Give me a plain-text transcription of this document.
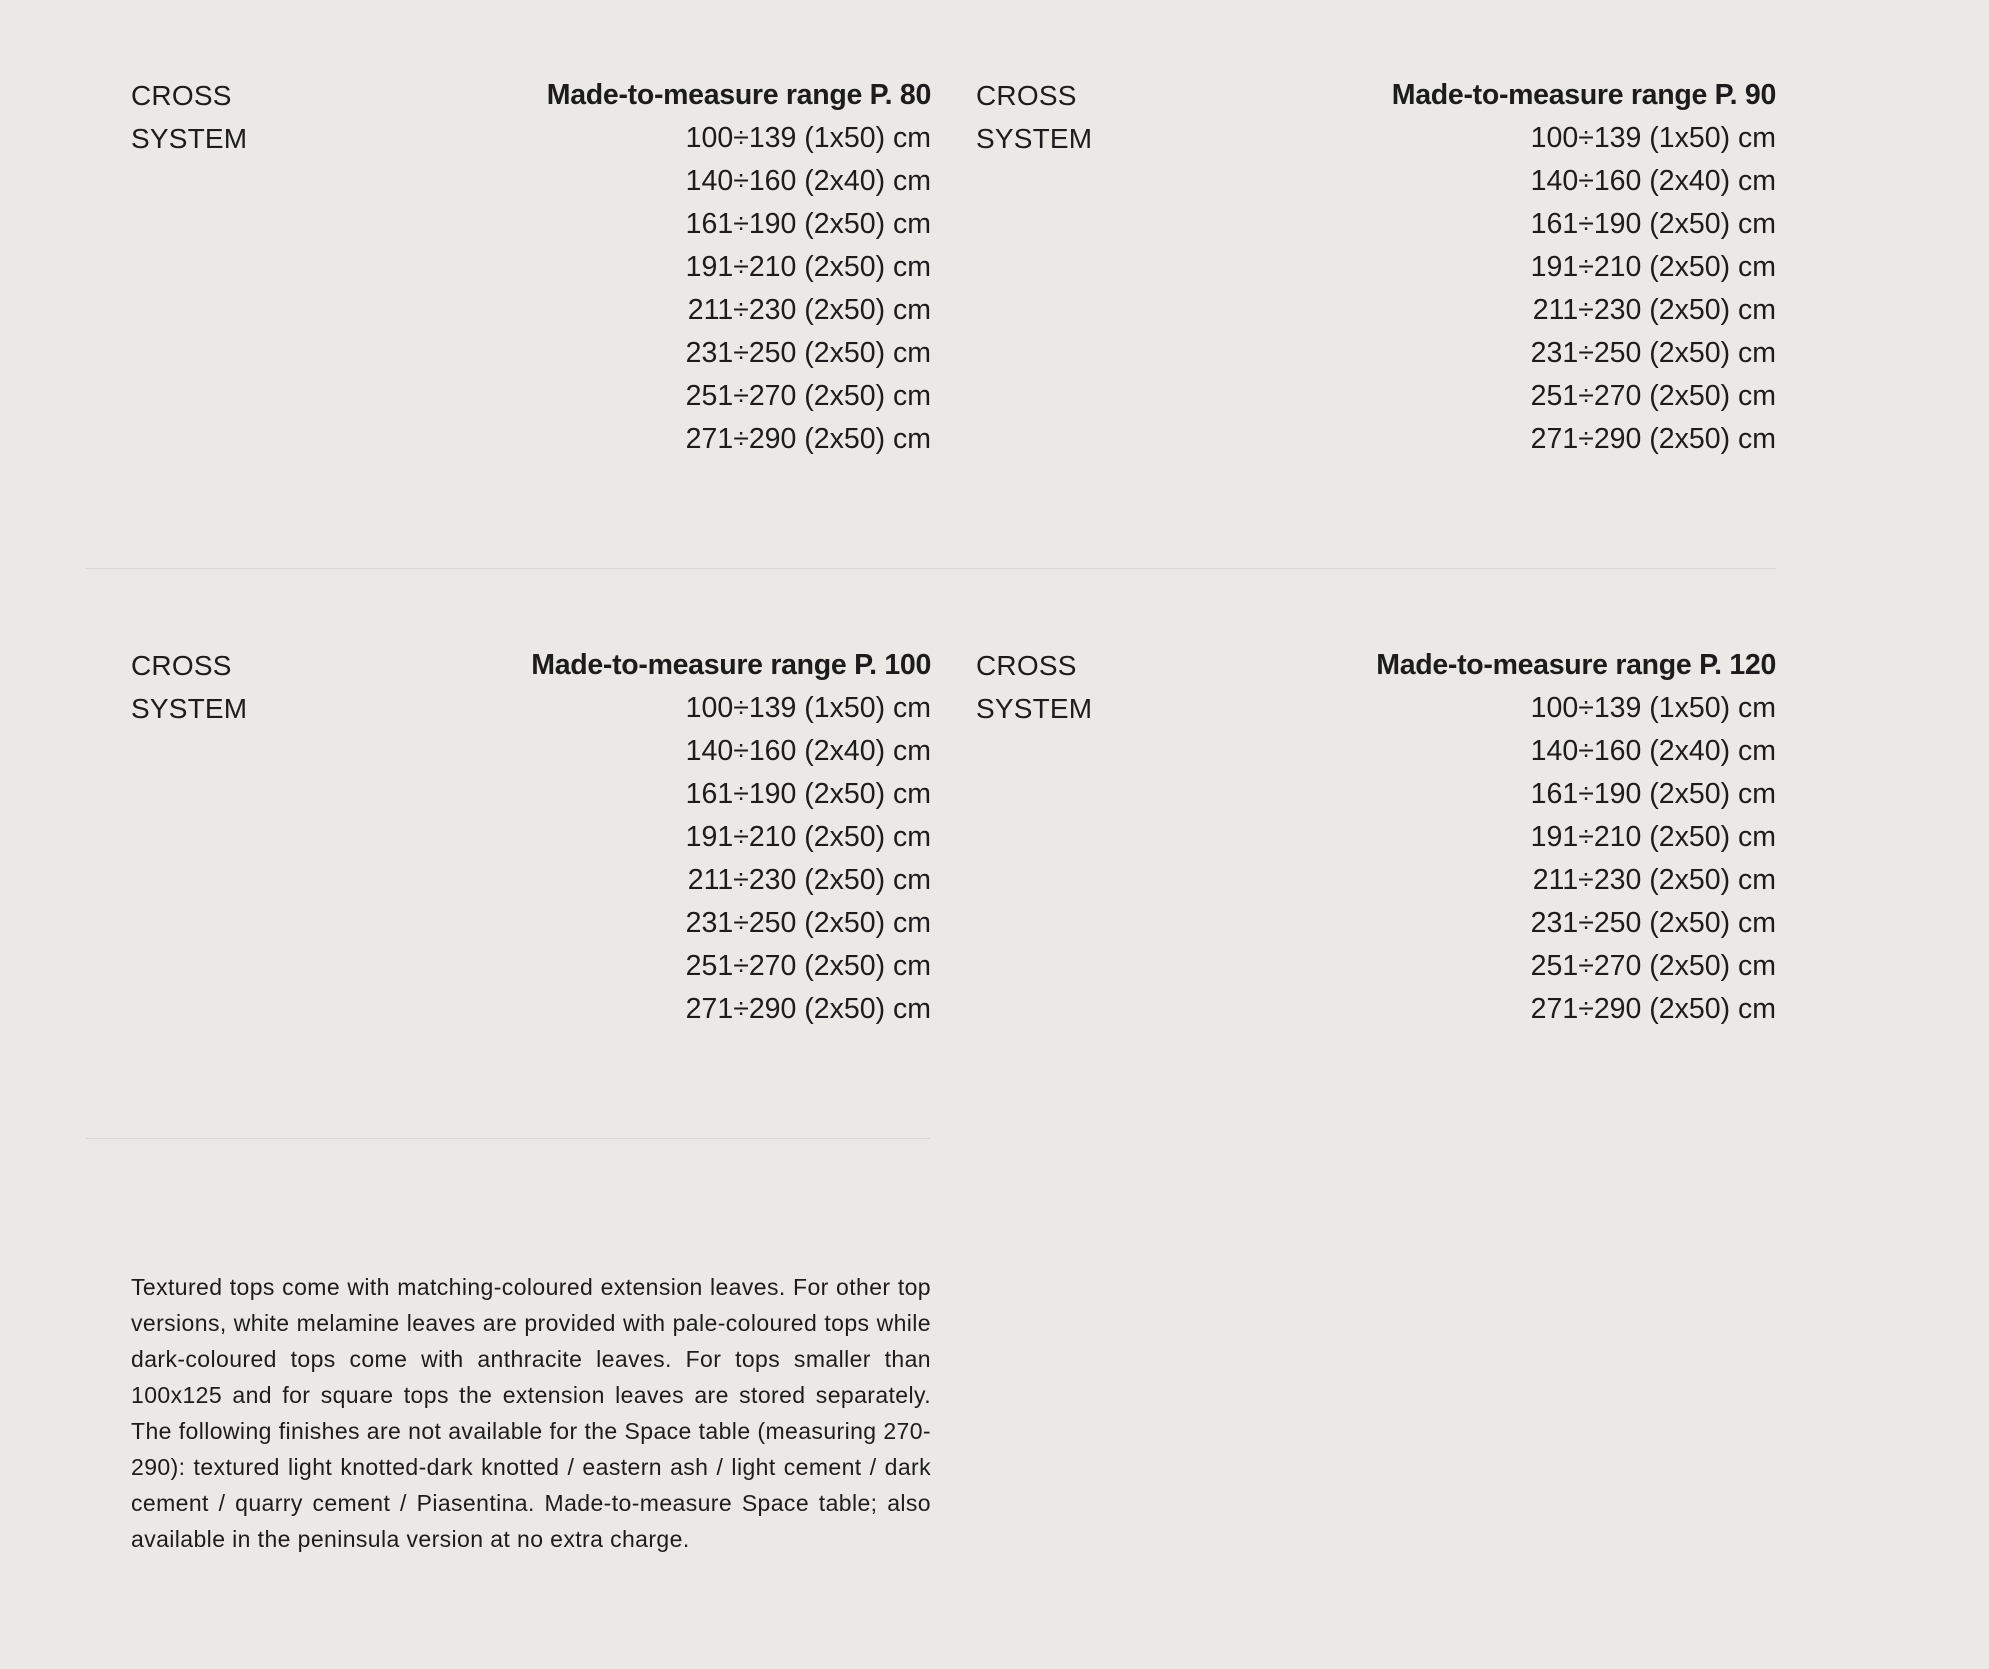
CROSS
SYSTEM
Made-to-measure range P. 80
100÷139 (1x50) cm
140÷160 (2x40) cm
161÷190 (2x50) cm
191÷210 (2x50) cm
211÷230 (2x50) cm
231÷250 (2x50) cm
251÷270 (2x50) cm
271÷290 (2x50) cm
CROSS
SYSTEM
Made-to-measure range P. 90
100÷139 (1x50) cm
140÷160 (2x40) cm
161÷190 (2x50) cm
191÷210 (2x50) cm
211÷230 (2x50) cm
231÷250 (2x50) cm
251÷270 (2x50) cm
271÷290 (2x50) cm
CROSS
SYSTEM
Made-to-measure range P. 100
100÷139 (1x50) cm
140÷160 (2x40) cm
161÷190 (2x50) cm
191÷210 (2x50) cm
211÷230 (2x50) cm
231÷250 (2x50) cm
251÷270 (2x50) cm
271÷290 (2x50) cm
CROSS
SYSTEM
Made-to-measure range P. 120
100÷139 (1x50) cm
140÷160 (2x40) cm
161÷190 (2x50) cm
191÷210 (2x50) cm
211÷230 (2x50) cm
231÷250 (2x50) cm
251÷270 (2x50) cm
271÷290 (2x50) cm

Textured tops come with matching-coloured extension leaves. For other top versions, white melamine leaves are provided with pale-coloured tops while dark-coloured tops come with anthracite leaves. For tops smaller than 100x125 and for square tops the extension leaves are stored separately. The following finishes are not available for the Space table (measuring 270-290): textured light knotted-dark knotted / eastern ash / light cement / dark cement / quarry cement / Piasentina. Made-to-measure Space table; also available in the peninsula version at no extra charge.
